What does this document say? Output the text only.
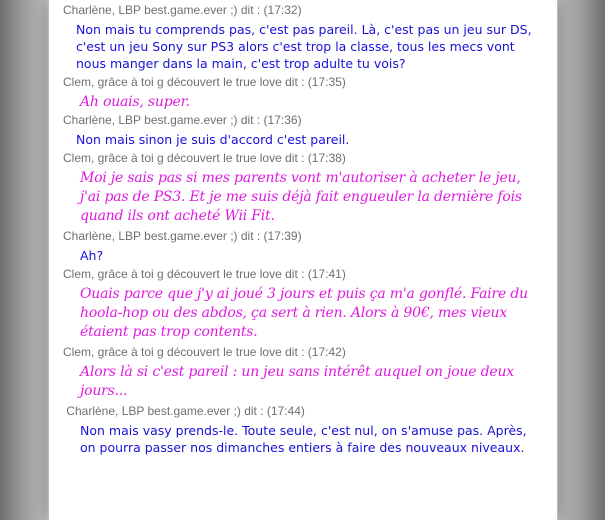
Charlène, LBP best.game.ever ;) dit : (17:32)
Non mais tu comprends pas, c'est pas pareil. Là, c'est pas un jeu sur DS, c'est un jeu Sony sur PS3 alors c'est trop la classe, tous les mecs vont nous manger dans la main, c'est trop adulte tu vois?
Clem, grâce à toi g découvert le true love dit : (17:35)
Ah ouais, super.
Charlène, LBP best.game.ever ;) dit : (17:36)
Non mais sinon je suis d'accord c'est pareil.
Clem, grâce à toi g découvert le true love dit : (17:38)
Moi je sais pas si mes parents vont m'autoriser à acheter le jeu, j'ai pas de PS3. Et je me suis déjà fait engueuler la dernière fois quand ils ont acheté Wii Fit.
Charlène, LBP best.game.ever ;) dit : (17:39)
Ah?
Clem, grâce à toi g découvert le true love dit : (17:41)
Ouais parce que j'y ai joué 3 jours et puis ça m'a gonflé. Faire du hoola-hop ou des abdos, ça sert à rien. Alors à 90€, mes vieux étaient pas trop contents.
Clem, grâce à toi g découvert le true love dit : (17:42)
Alors là si c'est pareil : un jeu sans intérêt auquel on joue deux jours...
Charlène, LBP best.game.ever ;) dit : (17:44)
Non mais vasy prends-le. Toute seule, c'est nul, on s'amuse pas. Après, on pourra passer nos dimanches entiers à faire des nouveaux niveaux.
